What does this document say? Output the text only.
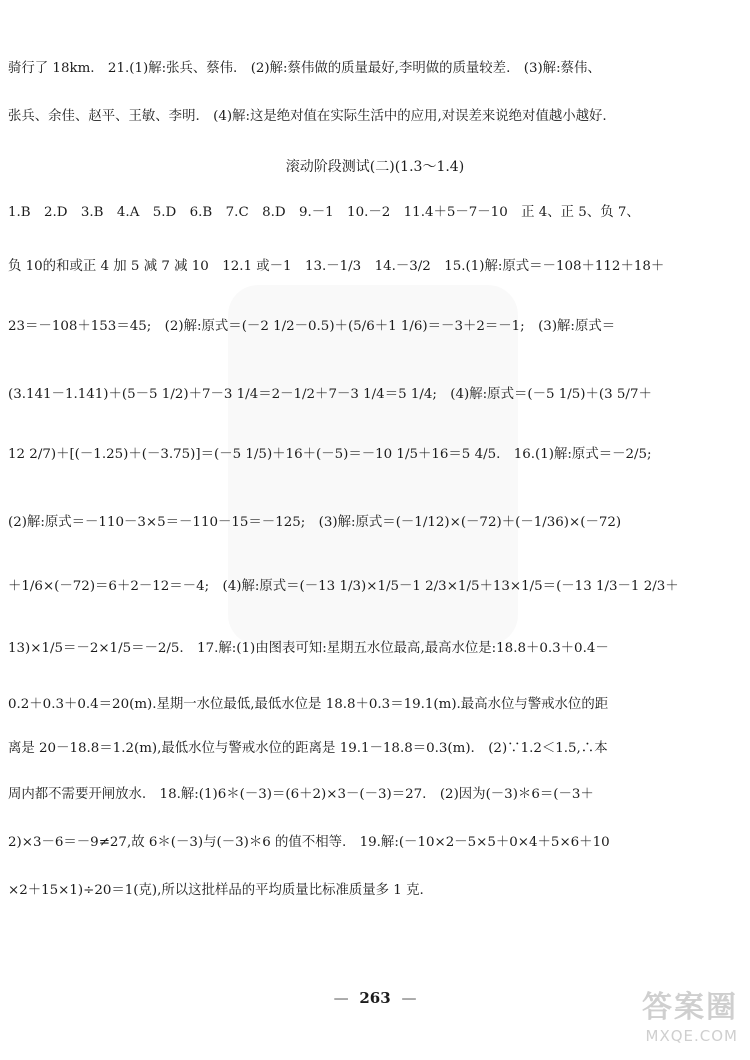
骑行了 18km.　21.(1)解:张兵、蔡伟.　(2)解:蔡伟做的质量最好,李明做的质量较差.　(3)解:蔡伟、
张兵、余佳、赵平、王敏、李明.　(4)解:这是绝对值在实际生活中的应用,对误差来说绝对值越小越好.
滚动阶段测试(二)(1.3～1.4)
1.B　2.D　3.B　4.A　5.D　6.B　7.C　8.D　9.－1　10.－2　11.4＋5－7－10　正 4、正 5、负 7、
负 10的和或正 4 加 5 减 7 减 10　12.1 或－1　13.－1/3　14.－3/2　15.(1)解:原式＝－108＋112＋18＋
23＝－108＋153＝45;　(2)解:原式＝(－2 1/2－0.5)＋(5/6＋1 1/6)＝－3＋2＝－1;　(3)解:原式＝
(3.141－1.141)＋(5－5 1/2)＋7－3 1/4＝2－1/2＋7－3 1/4＝5 1/4;　(4)解:原式＝(－5 1/5)＋(3 5/7＋
12 2/7)＋[(－1.25)＋(－3.75)]＝(－5 1/5)＋16＋(－5)＝－10 1/5＋16＝5 4/5.　16.(1)解:原式＝－2/5;
(2)解:原式＝－110－3×5＝－110－15＝－125;　(3)解:原式＝(－1/12)×(－72)＋(－1/36)×(－72)
＋1/6×(－72)＝6＋2－12＝－4;　(4)解:原式＝(－13 1/3)×1/5－1 2/3×1/5＋13×1/5＝(－13 1/3－1 2/3＋
13)×1/5＝－2×1/5＝－2/5.　17.解:(1)由图表可知:星期五水位最高,最高水位是:18.8＋0.3＋0.4－
0.2＋0.3＋0.4＝20(m).星期一水位最低,最低水位是 18.8＋0.3＝19.1(m).最高水位与警戒水位的距
离是 20－18.8＝1.2(m),最低水位与警戒水位的距离是 19.1－18.8＝0.3(m).　(2)∵1.2＜1.5,∴本
周内都不需要开闸放水.　18.解:(1)6＊(－3)＝(6＋2)×3－(－3)＝27.　(2)因为(－3)＊6＝(－3＋
2)×3－6＝－9≠27,故 6＊(－3)与(－3)＊6 的值不相等.　19.解:(－10×2－5×5＋0×4＋5×6＋10
×2＋15×1)÷20＝1(克),所以这批样品的平均质量比标准质量多 1 克.
— 263 —	答案圈
MXQE.COM
